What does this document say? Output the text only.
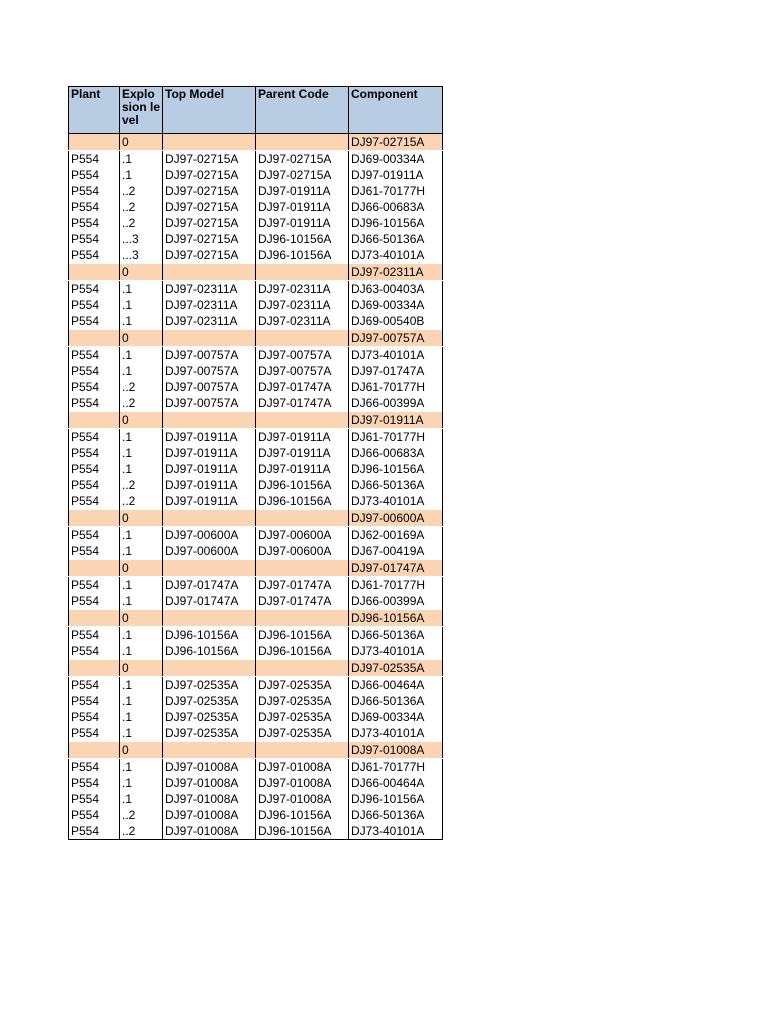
Plant	Explo sion level	Top Model	Parent Code	Component
	0			DJ97-02715A
P554	.1	DJ97-02715A	DJ97-02715A	DJ69-00334A
P554	.1	DJ97-02715A	DJ97-02715A	DJ97-01911A
P554	..2	DJ97-02715A	DJ97-01911A	DJ61-70177H
P554	..2	DJ97-02715A	DJ97-01911A	DJ66-00683A
P554	..2	DJ97-02715A	DJ97-01911A	DJ96-10156A
P554	...3	DJ97-02715A	DJ96-10156A	DJ66-50136A
P554	...3	DJ97-02715A	DJ96-10156A	DJ73-40101A
	0			DJ97-02311A
P554	.1	DJ97-02311A	DJ97-02311A	DJ63-00403A
P554	.1	DJ97-02311A	DJ97-02311A	DJ69-00334A
P554	.1	DJ97-02311A	DJ97-02311A	DJ69-00540B
	0			DJ97-00757A
P554	.1	DJ97-00757A	DJ97-00757A	DJ73-40101A
P554	.1	DJ97-00757A	DJ97-00757A	DJ97-01747A
P554	..2	DJ97-00757A	DJ97-01747A	DJ61-70177H
P554	..2	DJ97-00757A	DJ97-01747A	DJ66-00399A
	0			DJ97-01911A
P554	.1	DJ97-01911A	DJ97-01911A	DJ61-70177H
P554	.1	DJ97-01911A	DJ97-01911A	DJ66-00683A
P554	.1	DJ97-01911A	DJ97-01911A	DJ96-10156A
P554	..2	DJ97-01911A	DJ96-10156A	DJ66-50136A
P554	..2	DJ97-01911A	DJ96-10156A	DJ73-40101A
	0			DJ97-00600A
P554	.1	DJ97-00600A	DJ97-00600A	DJ62-00169A
P554	.1	DJ97-00600A	DJ97-00600A	DJ67-00419A
	0			DJ97-01747A
P554	.1	DJ97-01747A	DJ97-01747A	DJ61-70177H
P554	.1	DJ97-01747A	DJ97-01747A	DJ66-00399A
	0			DJ96-10156A
P554	.1	DJ96-10156A	DJ96-10156A	DJ66-50136A
P554	.1	DJ96-10156A	DJ96-10156A	DJ73-40101A
	0			DJ97-02535A
P554	.1	DJ97-02535A	DJ97-02535A	DJ66-00464A
P554	.1	DJ97-02535A	DJ97-02535A	DJ66-50136A
P554	.1	DJ97-02535A	DJ97-02535A	DJ69-00334A
P554	.1	DJ97-02535A	DJ97-02535A	DJ73-40101A
	0			DJ97-01008A
P554	.1	DJ97-01008A	DJ97-01008A	DJ61-70177H
P554	.1	DJ97-01008A	DJ97-01008A	DJ66-00464A
P554	.1	DJ97-01008A	DJ97-01008A	DJ96-10156A
P554	..2	DJ97-01008A	DJ96-10156A	DJ66-50136A
P554	..2	DJ97-01008A	DJ96-10156A	DJ73-40101A
